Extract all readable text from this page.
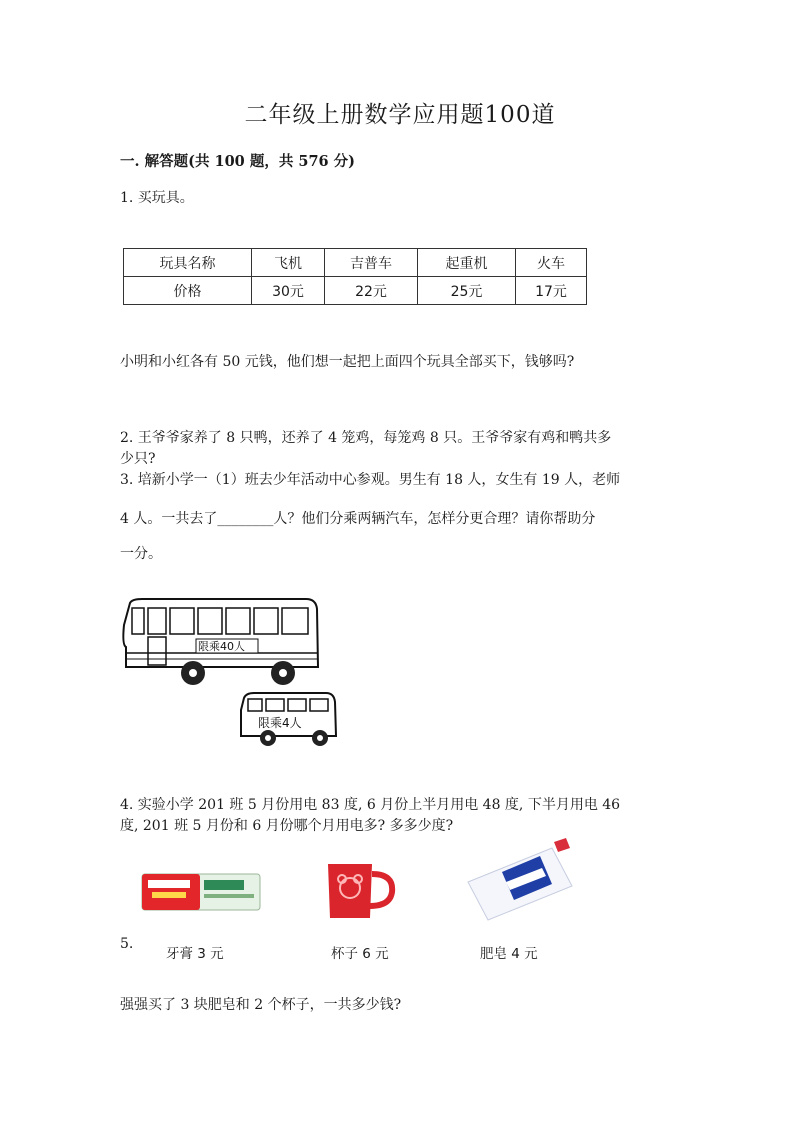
二年级上册数学应用题100道
一. 解答题(共 100 题，共 576 分)
1. 买玩具。
玩具名称	飞机	吉普车	起重机	火车
价格	30元	22元	25元	17元
小明和小红各有 50 元钱，他们想一起把上面四个玩具全部买下，钱够吗?
2. 王爷爷家养了 8 只鸭，还养了 4 笼鸡，每笼鸡 8 只。王爷爷家有鸡和鸭共多
少只?
3. 培新小学一（1）班去少年活动中心参观。男生有 18 人，女生有 19 人，老师
4 人。一共去了________人？他们分乘两辆汽车，怎样分更合理？请你帮助分
一分。
限乘40人
限乘4人
4. 实验小学 201 班 5 月份用电 83 度, 6 月份上半月用电 48 度, 下半月用电 46
度, 201 班 5 月份和 6 月份哪个月用电多? 多多少度?
5.
牙膏 3 元	杯子 6 元	肥皂 4 元
强强买了 3 块肥皂和 2 个杯子，一共多少钱?
